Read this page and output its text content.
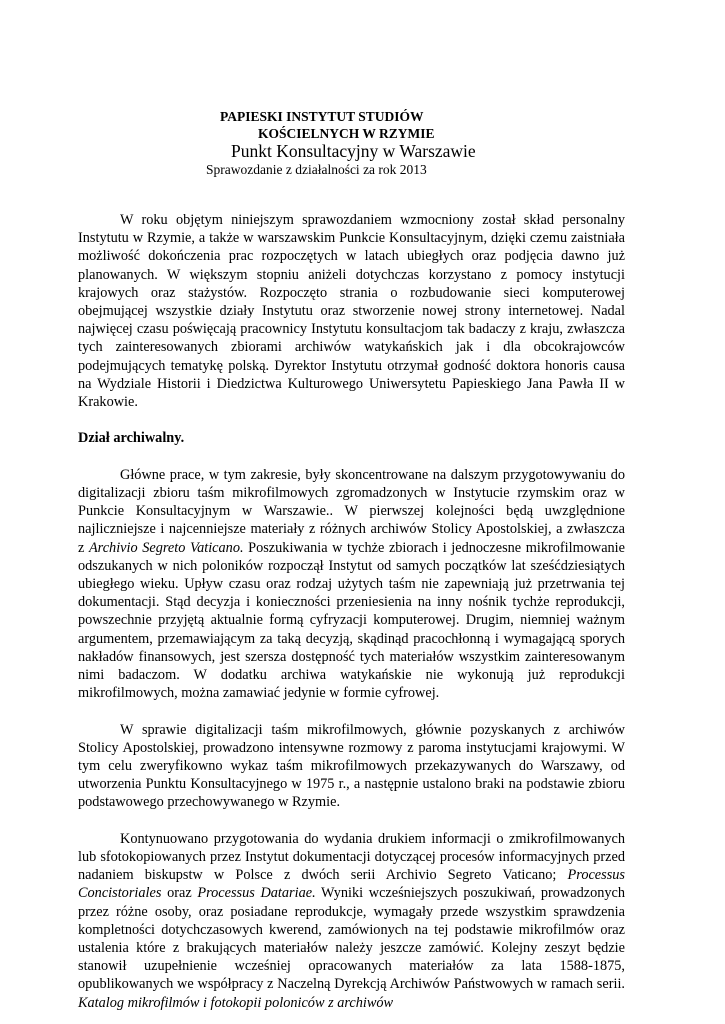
PAPIESKI INSTYTUT STUDIÓW
KOŚCIELNYCH W RZYMIE
Punkt Konsultacyjny w Warszawie
Sprawozdanie z działalności za rok 2013

W roku objętym niniejszym sprawozdaniem wzmocniony został skład personalny Instytutu w Rzymie, a także w warszawskim Punkcie Konsultacyjnym, dzięki czemu zaistniała możliwość dokończenia prac rozpoczętych w latach ubiegłych oraz podjęcia dawno już planowanych. W większym stopniu aniżeli dotychczas korzystano z pomocy instytucji krajowych oraz stażystów. Rozpoczęto strania o rozbudowanie sieci komputerowej obejmującej wszystkie działy Instytutu oraz stworzenie nowej strony internetowej. Nadal najwięcej czasu poświęcają pracownicy Instytutu konsultacjom tak badaczy z kraju, zwłaszcza tych zainteresowanych zbiorami archiwów watykańskich jak i dla obcokrajowców podejmujących tematykę polską. Dyrektor Instytutu otrzymał godność doktora honoris causa na Wydziale Historii i Diedzictwa Kulturowego Uniwersytetu Papieskiego Jana Pawła II w Krakowie.

Dział archiwalny.

Główne prace, w tym zakresie, były skoncentrowane na dalszym przygotowywaniu do digitalizacji zbioru taśm mikrofilmowych zgromadzonych w Instytucie rzymskim oraz w Punkcie Konsultacyjnym w Warszawie.. W pierwszej kolejności będą uwzględnione najliczniejsze i najcenniejsze materiały z różnych archiwów Stolicy Apostolskiej, a zwłaszcza z Archivio Segreto Vaticano. Poszukiwania w tychże zbiorach i jednoczesne mikrofilmowanie odszukanych w nich poloników rozpoczął Instytut od samych początków lat sześćdziesiątych ubiegłego wieku. Upływ czasu oraz rodzaj użytych taśm nie zapewniają już przetrwania tej dokumentacji. Stąd decyzja i konieczności przeniesienia na inny nośnik tychże reprodukcji, powszechnie przyjętą aktualnie formą cyfryzacji komputerowej. Drugim, niemniej ważnym argumentem, przemawiającym za taką decyzją, skądinąd pracochłonną i wymagającą sporych nakładów finansowych, jest szersza dostępność tych materiałów wszystkim zainteresowanym nimi badaczom. W dodatku archiwa watykańskie nie wykonują już reprodukcji mikrofilmowych, można zamawiać jedynie w formie cyfrowej.

W sprawie digitalizacji taśm mikrofilmowych, głównie pozyskanych z archiwów Stolicy Apostolskiej, prowadzono intensywne rozmowy z paroma instytucjami krajowymi. W tym celu zweryfikowno wykaz taśm mikrofilmowych przekazywanych do Warszawy, od utworzenia Punktu Konsultacyjnego w 1975 r., a następnie ustalono braki na podstawie zbioru podstawowego przechowywanego w Rzymie.

Kontynuowano przygotowania do wydania drukiem informacji o zmikrofilmowanych lub sfotokopiowanych przez Instytut dokumentacji dotyczącej procesów informacyjnych przed nadaniem biskupstw w Polsce z dwóch serii Archivio Segreto Vaticano; Processus Concistoriales oraz Processus Datariae. Wyniki wcześniejszych poszukiwań, prowadzonych przez różne osoby, oraz posiadane reprodukcje, wymagały przede wszystkim sprawdzenia kompletności dotychczasowych kwerend, zamówionych na tej podstawie mikrofilmów oraz ustalenia które z brakujących materiałów należy jeszcze zamówić. Kolejny zeszyt będzie stanowił uzupełnienie wcześniej opracowanych materiałów za lata 1588-1875, opublikowanych we współpracy z Naczelną Dyrekcją Archiwów Państwowych w ramach serii. Katalog mikrofilmów i fotokopii poloniców z archiwów
